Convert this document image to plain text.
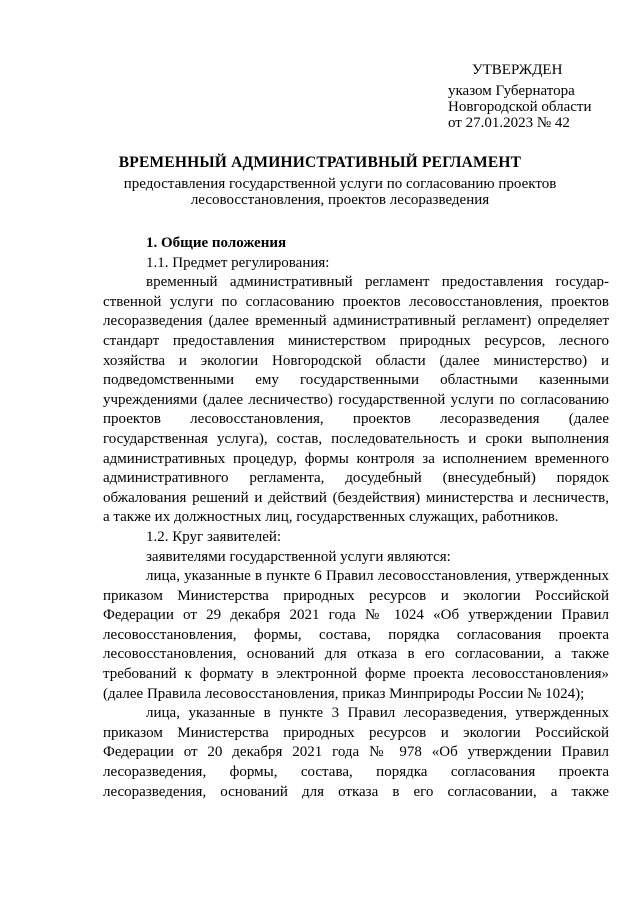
УТВЕРЖДЕН
указом Губернатора
Новгородской области
от 27.01.2023 № 42
ВРЕМЕННЫЙ АДМИНИСТРАТИВНЫЙ РЕГЛАМЕНТ
предоставления государственной услуги по согласованию проектов
лесовосстановления, проектов лесоразведения
1. Общие положения
1.1. Предмет регулирования:
временный административный регламент предоставления государ-
ственной услуги по согласованию проектов лесовосстановления, проектов
лесоразведения (далее временный административный регламент) определяет
стандарт предоставления министерством природных ресурсов, лесного
хозяйства и экологии Новгородской области (далее министерство) и
подведомственными ему государственными областными казенными
учреждениями (далее лесничество) государственной услуги по согласованию
проектов лесовосстановления, проектов лесоразведения (далее
государственная услуга), состав, последовательность и сроки выполнения
административных процедур, формы контроля за исполнением временного
административного регламента, досудебный (внесудебный) порядок
обжалования решений и действий (бездействия) министерства и лесничеств,
а также их должностных лиц, государственных служащих, работников.
1.2. Круг заявителей:
заявителями государственной услуги являются:
лица, указанные в пункте 6 Правил лесовосстановления, утвержденных
приказом Министерства природных ресурсов и экологии Российской
Федерации от 29 декабря 2021 года № 1024 «Об утверждении Правил
лесовосстановления, формы, состава, порядка согласования проекта
лесовосстановления, оснований для отказа в его согласовании, а также
требований к формату в электронной форме проекта лесовосстановления»
(далее Правила лесовосстановления, приказ Минприроды России № 1024);
лица, указанные в пункте 3 Правил лесоразведения, утвержденных
приказом Министерства природных ресурсов и экологии Российской
Федерации от 20 декабря 2021 года № 978 «Об утверждении Правил
лесоразведения, формы, состава, порядка согласования проекта
лесоразведения, оснований для отказа в его согласовании, а также
